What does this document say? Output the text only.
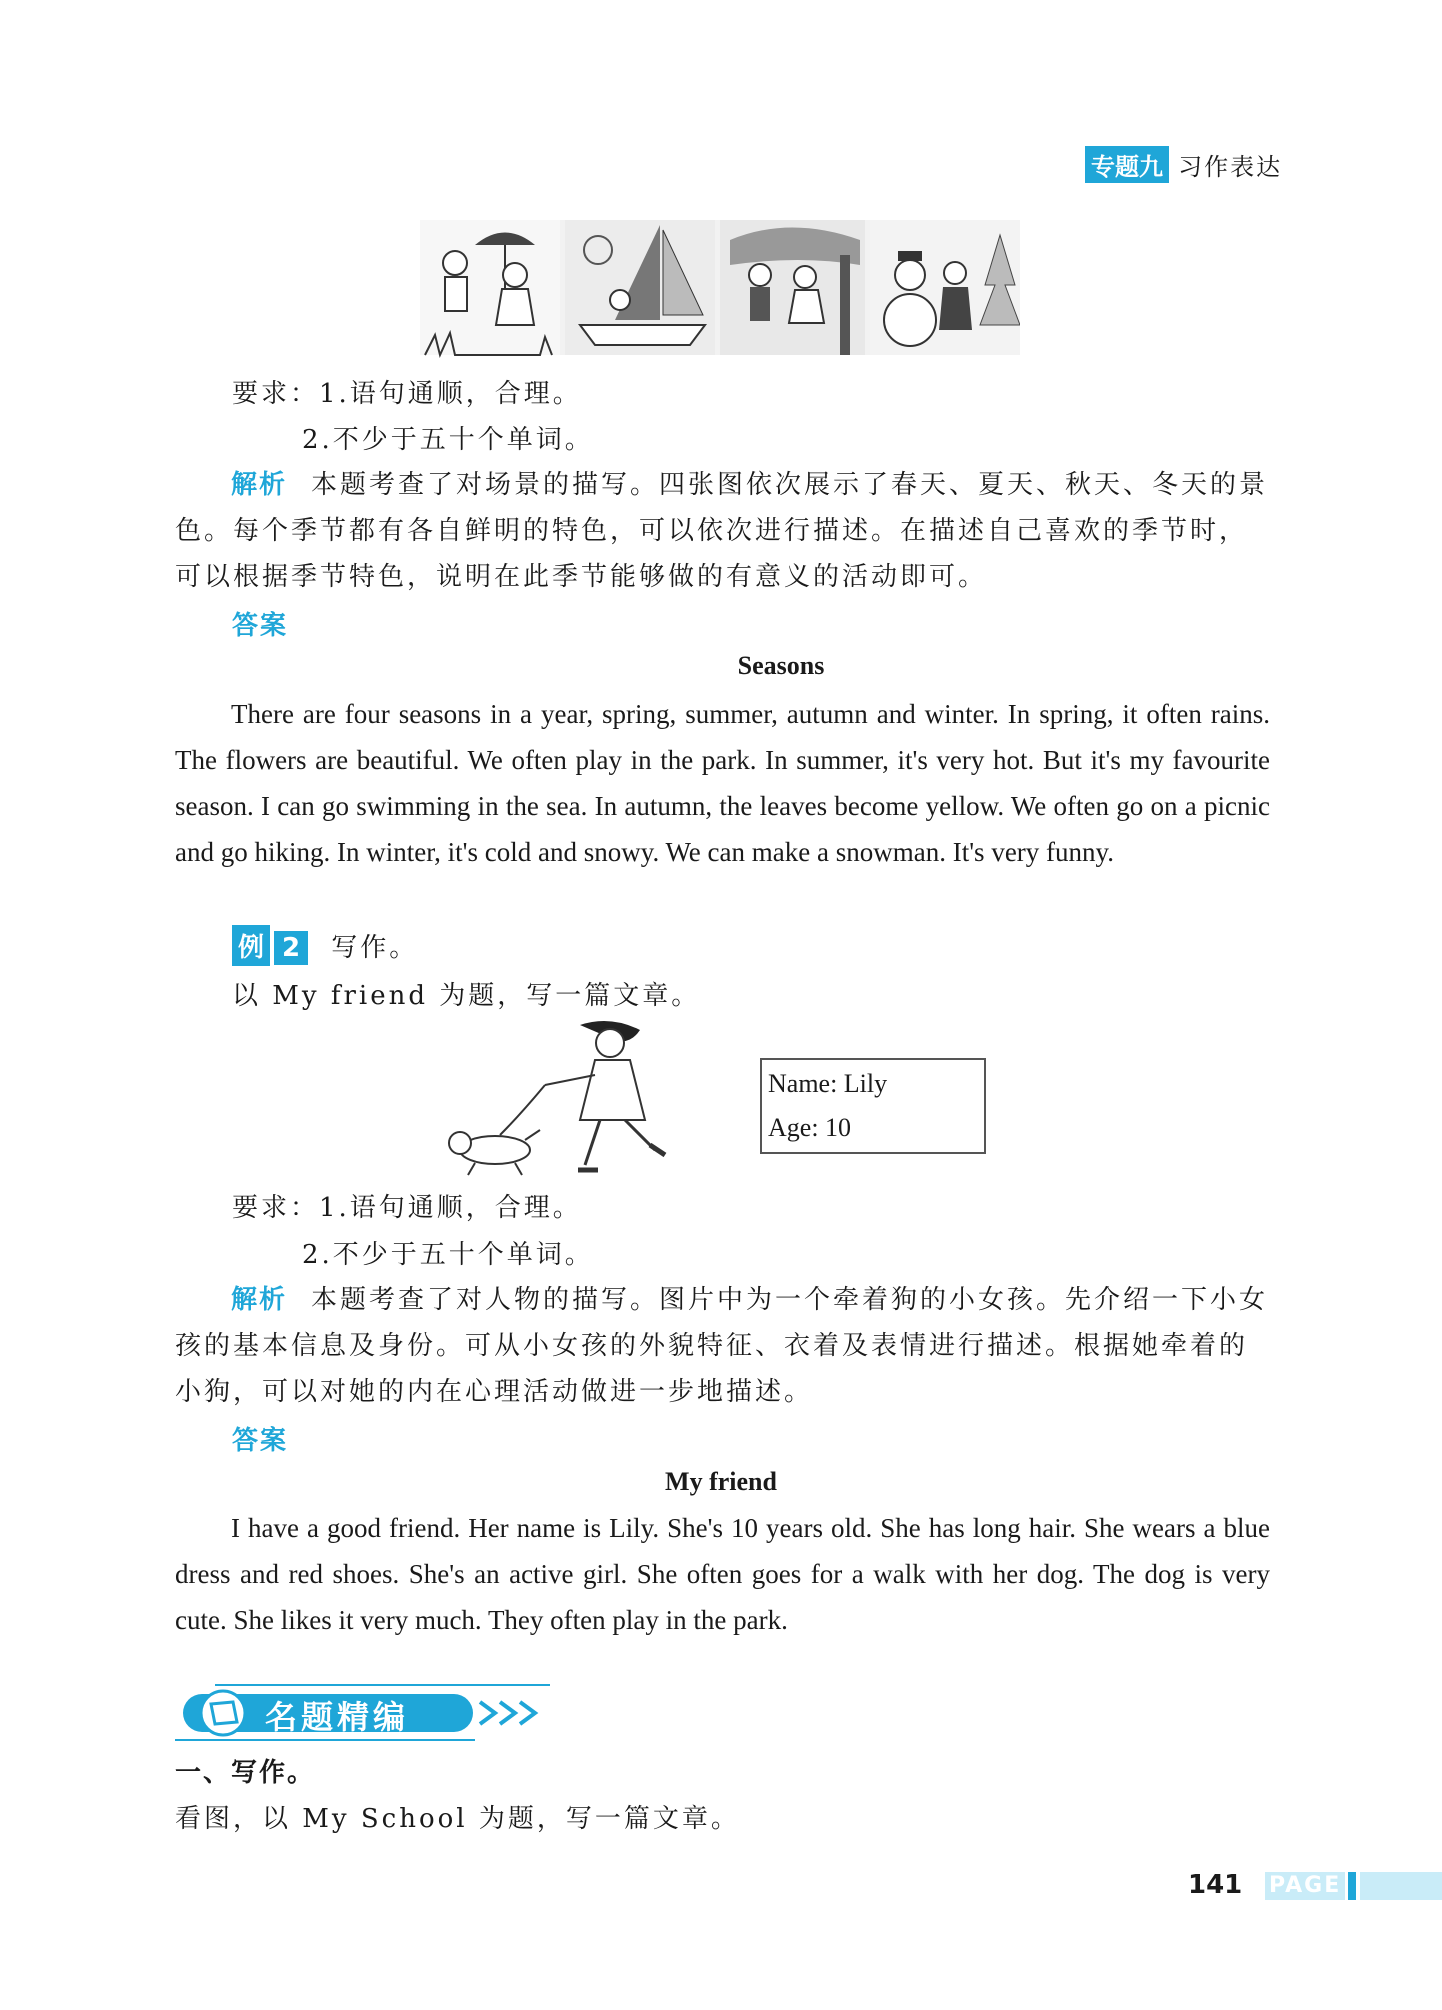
专题九 习作表达
要求：1.语句通顺，合理。
2.不少于五十个单词。
解析 本题考查了对场景的描写。四张图依次展示了春天、夏天、秋天、冬天的景色。每个季节都有各自鲜明的特色，可以依次进行描述。在描述自己喜欢的季节时，可以根据季节特色，说明在此季节能够做的有意义的活动即可。
答案
Seasons
There are four seasons in a year, spring, summer, autumn and winter. In spring, it often rains. The flowers are beautiful. We often play in the park. In summer, it's very hot. But it's my favourite season. I can go swimming in the sea. In autumn, the leaves become yellow. We often go on a picnic and go hiking. In winter, it's cold and snowy. We can make a snowman. It's very funny.
例 2 写作。
以 My friend 为题，写一篇文章。
Name: Lily
Age: 10
要求：1.语句通顺，合理。
2.不少于五十个单词。
解析 本题考查了对人物的描写。图片中为一个牵着狗的小女孩。先介绍一下小女孩的基本信息及身份。可从小女孩的外貌特征、衣着及表情进行描述。根据她牵着的小狗，可以对她的内在心理活动做进一步地描述。
答案
My friend
I have a good friend. Her name is Lily. She's 10 years old. She has long hair. She wears a blue dress and red shoes. She's an active girl. She often goes for a walk with her dog. The dog is very cute. She likes it very much. They often play in the park.
名题精编
一、写作。
看图，以 My School 为题，写一篇文章。
141 PAGE
